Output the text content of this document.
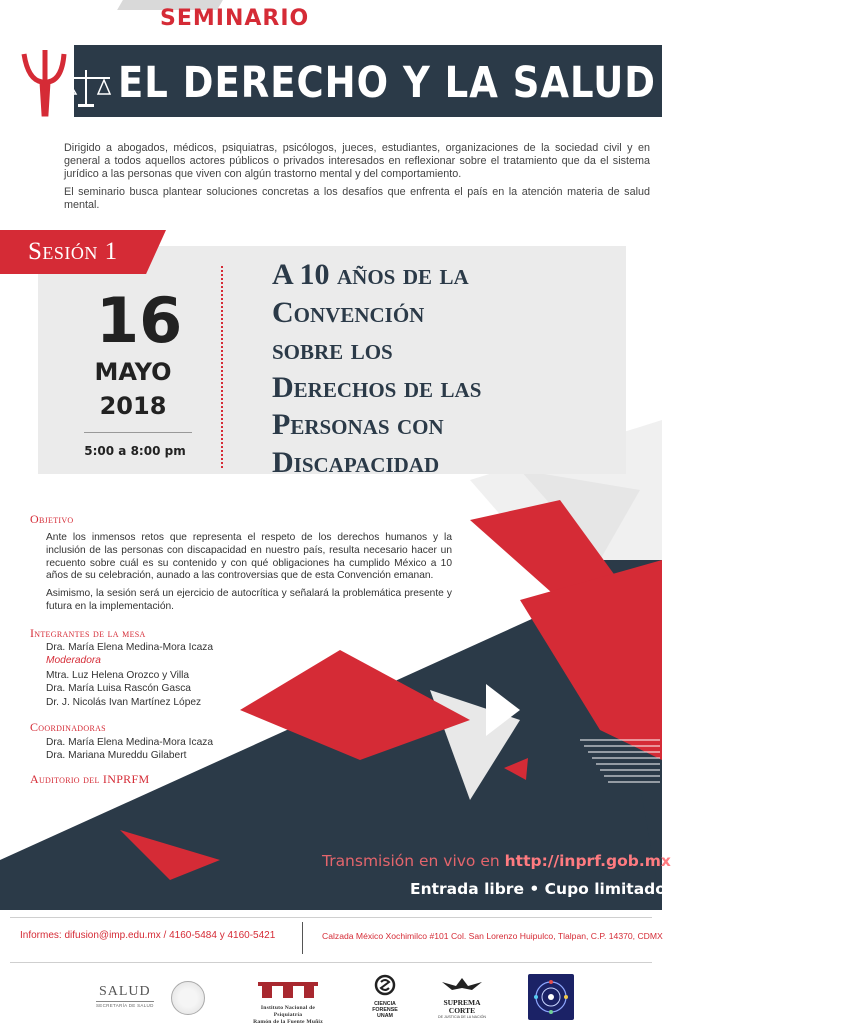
SEMINARIO
EL DERECHO Y LA SALUD MENTAL

Dirigido a abogados, médicos, psiquiatras, psicólogos, jueces, estudiantes, organizaciones de la sociedad civil y en general a todos aquellos actores públicos o privados interesados en reflexionar sobre el tratamiento que da el sistema jurídico a las personas que viven con algún trastorno mental y del comportamiento.

El seminario busca plantear soluciones concretas a los desafíos que enfrenta el país en la atención materia de salud mental.

Sesión 1
16
MAYO
2018
5:00 a 8:00 pm
A 10 años de la
Convención
sobre los
Derechos de las
Personas con
Discapacidad
Objetivo
Ante los inmensos retos que representa el respeto de los derechos humanos y la inclusión de las personas con discapacidad en nuestro país, resulta necesario hacer un recuento sobre cuál es su contenido y con qué obligaciones ha cumplido México a 10 años de su celebración, aunado a las controversias que de esta Convención emanan.
Asimismo, la sesión será un ejercicio de autocrítica y señalará la problemática presente y futura en la implementación.
Integrantes de la mesa
Dra. María Elena Medina-Mora Icaza
Moderadora
Mtra. Luz Helena Orozco y Villa
Dra. María Luisa Rascón Gasca
Dr. J. Nicolás Ivan Martínez López
Coordinadoras
Dra. María Elena Medina-Mora Icaza
Dra. Mariana Mureddu Gilabert
Auditorio del INPRFM
Transmisión en vivo en http://inprf.gob.mx
Entrada libre • Cupo limitado
Informes: difusion@imp.edu.mx / 4160-5484 y 4160-5421	Calzada México Xochimilco #101 Col. San Lorenzo Huipulco, Tlalpan, C.P. 14370, CDMX
SALUD
SECRETARÍA DE SALUD	Instituto Nacional de Psiquiatría
Ramón de la Fuente Muñiz
CIENCIA
FORENSE
UNAM
SUPREMA
CORTE
DE JUSTICIA DE LA NACIÓN
